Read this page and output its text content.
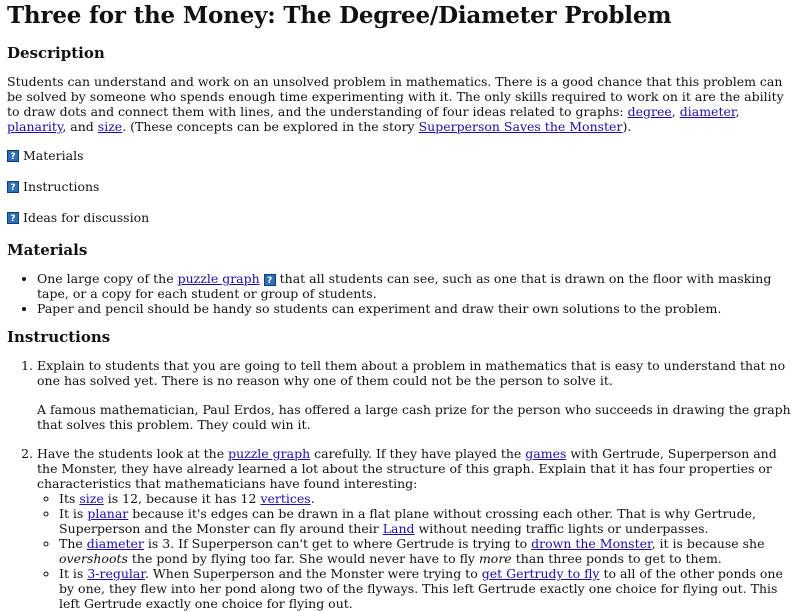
Three for the Money: The Degree/Diameter Problem
Description

Students can understand and work on an unsolved problem in mathematics. There is a good chance that this problem can be solved by someone who spends enough time experimenting with it. The only skills required to work on it are the ability to draw dots and connect them with lines, and the understanding of four ideas related to graphs: degree, diameter, planarity, and size. (These concepts can be explored in the story Superperson Saves the Monster).

? Materials
? Instructions
? Ideas for discussion
Materials
• One large copy of the puzzle graph ? that all students can see, such as one that is drawn on the floor with masking tape, or a copy for each student or group of students.
• Paper and pencil should be handy so students can experiment and draw their own solutions to the problem.
Instructions

1. Explain to students that you are going to tell them about a problem in mathematics that is easy to understand that no one has solved yet. There is no reason why one of them could not be the person to solve it.

A famous mathematician, Paul Erdos, has offered a large cash prize for the person who succeeds in drawing the graph that solves this problem. They could win it.

2. Have the students look at the puzzle graph carefully. If they have played the games with Gertrude, Superperson and the Monster, they have already learned a lot about the structure of this graph. Explain that it has four properties or characteristics that mathematicians have found interesting:
◦ Its size is 12, because it has 12 vertices.
◦ It is planar because it's edges can be drawn in a flat plane without crossing each other. That is why Gertrude, Superperson and the Monster can fly around their Land without needing traffic lights or underpasses.
◦ The diameter is 3. If Superperson can't get to where Gertrude is trying to drown the Monster, it is because she overshoots the pond by flying too far. She would never have to fly more than three ponds to get to them.
◦ It is 3-regular. When Superperson and the Monster were trying to get Gertrudy to fly to all of the other ponds one by one, they flew into her pond along two of the flyways. This left Gertrude exactly one choice for flying out. This left Gertrude exactly one choice for flying out.
